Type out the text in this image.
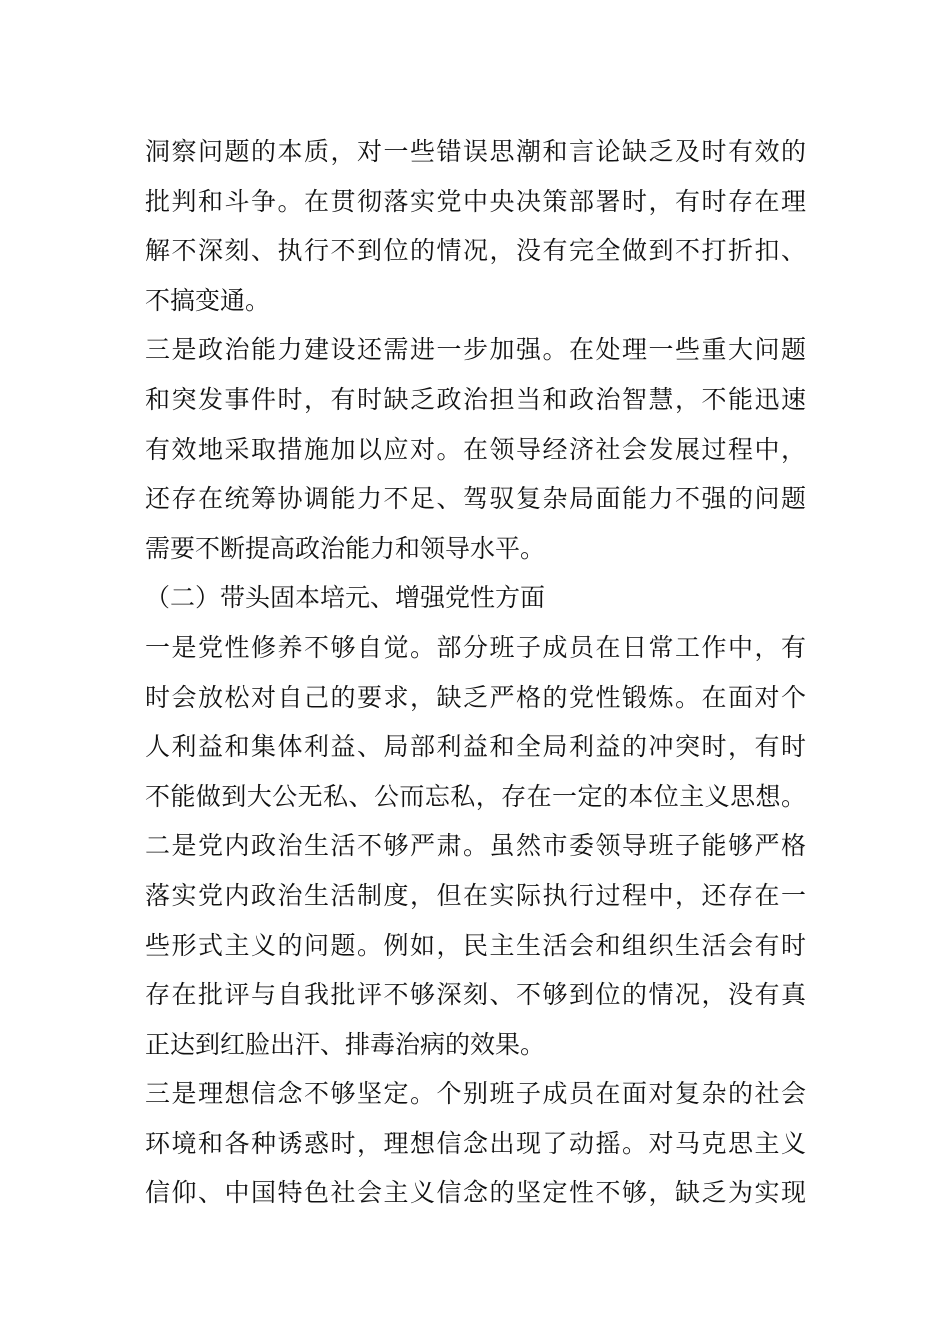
洞察问题的本质，对一些错误思潮和言论缺乏及时有效的
批判和斗争。在贯彻落实党中央决策部署时，有时存在理
解不深刻、执行不到位的情况，没有完全做到不打折扣、
不搞变通。
三是政治能力建设还需进一步加强。在处理一些重大问题
和突发事件时，有时缺乏政治担当和政治智慧，不能迅速
有效地采取措施加以应对。在领导经济社会发展过程中，
还存在统筹协调能力不足、驾驭复杂局面能力不强的问题
需要不断提高政治能力和领导水平。
（二）带头固本培元、增强党性方面
一是党性修养不够自觉。部分班子成员在日常工作中，有
时会放松对自己的要求，缺乏严格的党性锻炼。在面对个
人利益和集体利益、局部利益和全局利益的冲突时，有时
不能做到大公无私、公而忘私，存在一定的本位主义思想。
二是党内政治生活不够严肃。虽然市委领导班子能够严格
落实党内政治生活制度，但在实际执行过程中，还存在一
些形式主义的问题。例如，民主生活会和组织生活会有时
存在批评与自我批评不够深刻、不够到位的情况，没有真
正达到红脸出汗、排毒治病的效果。
三是理想信念不够坚定。个别班子成员在面对复杂的社会
环境和各种诱惑时，理想信念出现了动摇。对马克思主义
信仰、中国特色社会主义信念的坚定性不够，缺乏为实现
